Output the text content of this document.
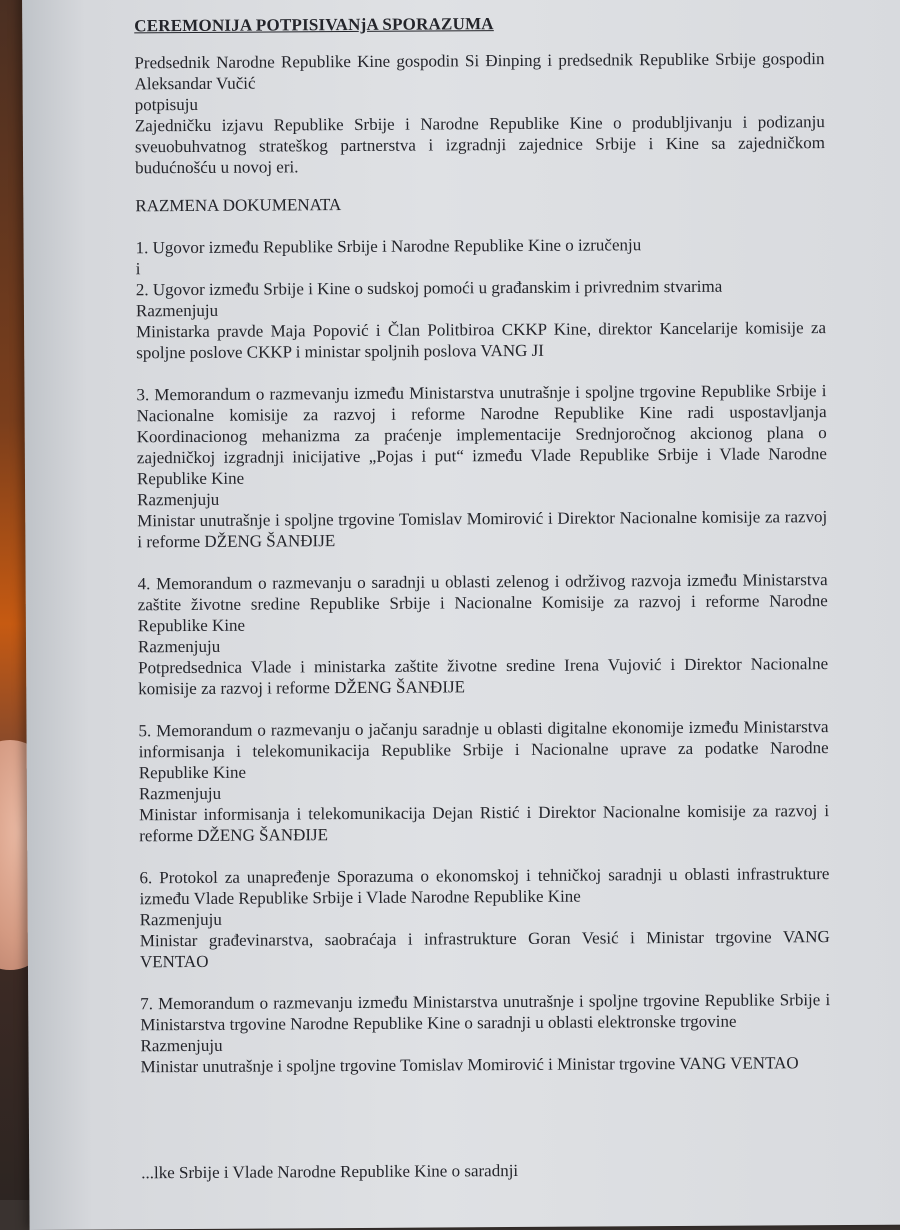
CEREMONIJA POTPISIVANjA SPORAZUMA

Predsednik Narodne Republike Kine gospodin Si Đinping i predsednik Republike Srbije gospodin Aleksandar Vučić

potpisuju

Zajedničku izjavu Republike Srbije i Narodne Republike Kine o produbljivanju i podizanju sveuobuhvatnog strateškog partnerstva i izgradnji zajednice Srbije i Kine sa zajedničkom budućnošću u novoj eri.

RAZMENA DOKUMENATA

1. Ugovor između Republike Srbije i Narodne Republike Kine o izručenju

i

2. Ugovor između Srbije i Kine o sudskoj pomoći u građanskim i privrednim stvarima

Razmenjuju

Ministarka pravde Maja Popović i Član Politbiroa CKKP Kine, direktor Kancelarije komisije za spoljne poslove CKKP i ministar spoljnih poslova VANG JI

3. Memorandum o razmevanju između Ministarstva unutrašnje i spoljne trgovine Republike Srbije i Nacionalne komisije za razvoj i reforme Narodne Republike Kine radi uspostavljanja Koordinacionog mehanizma za praćenje implementacije Srednjoročnog akcionog plana o zajedničkoj izgradnji inicijative „Pojas i put“ između Vlade Republike Srbije i Vlade Narodne Republike Kine

Razmenjuju

Ministar unutrašnje i spoljne trgovine Tomislav Momirović i Direktor Nacionalne komisije za razvoj i reforme DŽENG ŠANĐIJE

4. Memorandum o razmevanju o saradnji u oblasti zelenog i održivog razvoja između Ministarstva zaštite životne sredine Republike Srbije i Nacionalne Komisije za razvoj i reforme Narodne Republike Kine

Razmenjuju

Potpredsednica Vlade i ministarka zaštite životne sredine Irena Vujović i Direktor Nacionalne komisije za razvoj i reforme DŽENG ŠANĐIJE

5. Memorandum o razmevanju o jačanju saradnje u oblasti digitalne ekonomije između Ministarstva informisanja i telekomunikacija Republike Srbije i Nacionalne uprave za podatke Narodne Republike Kine

Razmenjuju

Ministar informisanja i telekomunikacija Dejan Ristić i Direktor Nacionalne komisije za razvoj i reforme DŽENG ŠANĐIJE

6. Protokol za unapređenje Sporazuma o ekonomskoj i tehničkoj saradnji u oblasti infrastrukture između Vlade Republike Srbije i Vlade Narodne Republike Kine

Razmenjuju

Ministar građevinarstva, saobraćaja i infrastrukture Goran Vesić i Ministar trgovine VANG VENTAO

7. Memorandum o razmevanju između Ministarstva unutrašnje i spoljne trgovine Republike Srbije i Ministarstva trgovine Narodne Republike Kine o saradnji u oblasti elektronske trgovine

Razmenjuju

Ministar unutrašnje i spoljne trgovine Tomislav Momirović i Ministar trgovine VANG VENTAO

...lke Srbije i Vlade Narodne Republike Kine o saradnji
